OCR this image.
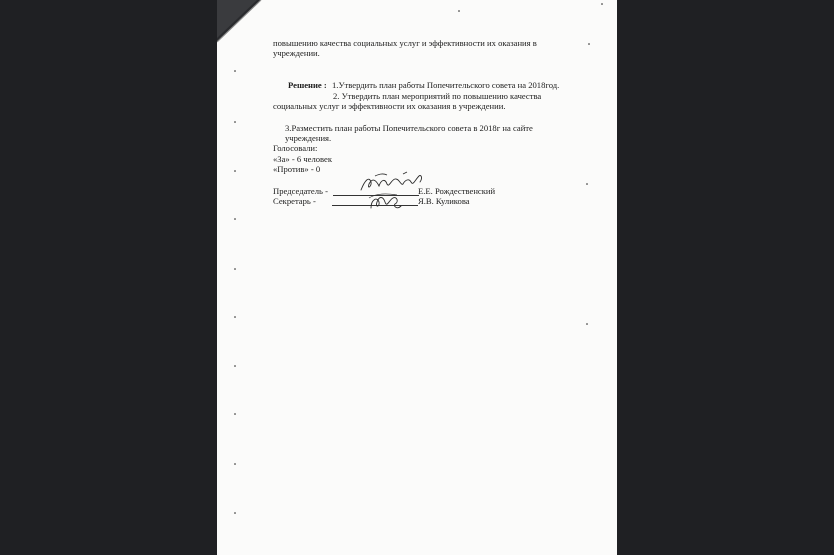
повышению качества социальных услуг и эффективности их оказания в
учреждении.
Решение : 1.Утвердить план работы Попечительского совета на 2018год.
2. Утвердить план мероприятий по повышению качества
социальных услуг и эффективности их оказания в учреждении.
3.Разместить план работы Попечительского совета в 2018г на сайте
учреждения.
Голосовали:
«За» - 6 человек
«Против» - 0
Председатель -	Е.Е. Рождественский
Секретарь -	Я.В. Куликова
